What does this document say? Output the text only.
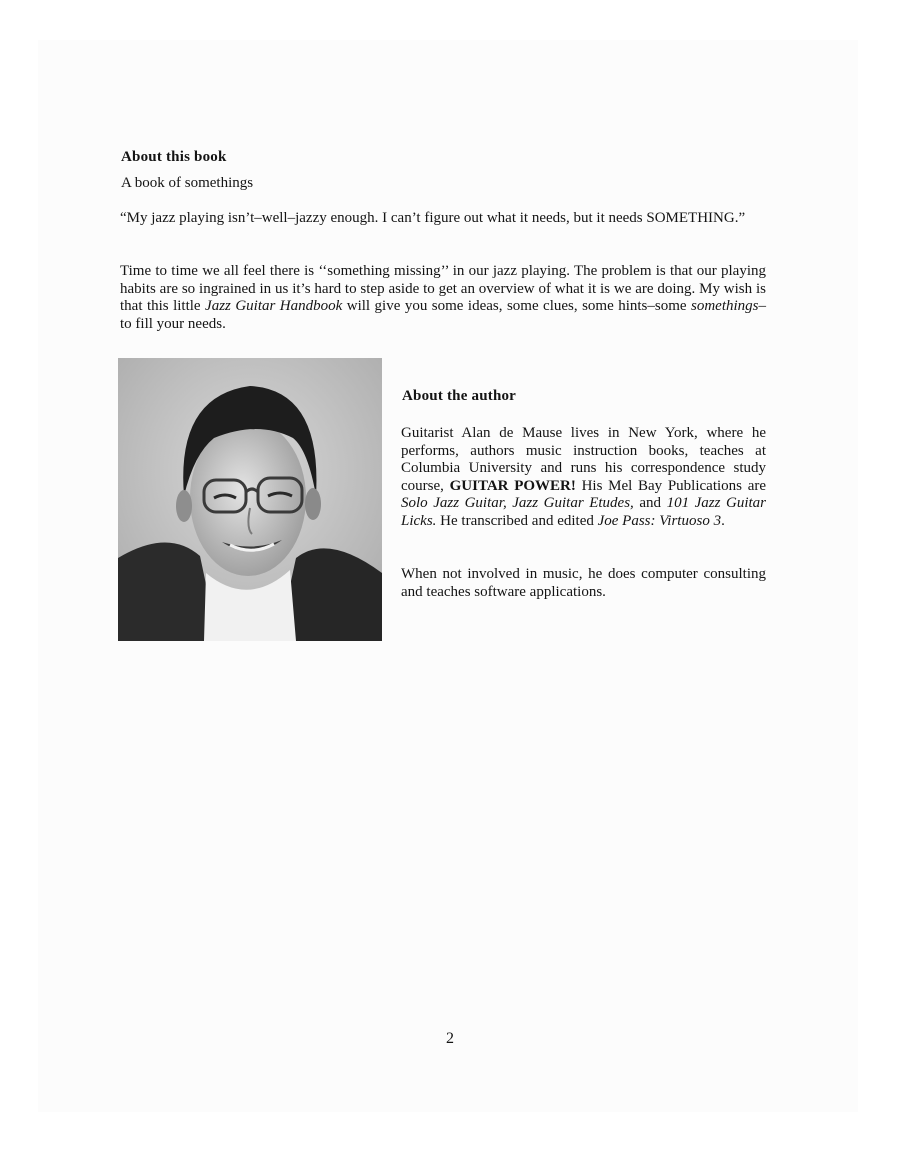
About this book
A book of somethings
“My jazz playing isn’t–well–jazzy enough. I can’t figure out what it needs, but it needs SOMETHING.”
Time to time we all feel there is ‘‘something missing’’ in our jazz playing. The problem is that our playing habits are so ingrained in us it’s hard to step aside to get an overview of what it is we are doing. My wish is that this little Jazz Guitar Handbook will give you some ideas, some clues, some hints–some somethings–to fill your needs.
About the author
Guitarist Alan de Mause lives in New York, where he performs, authors music instruction books, teaches at Columbia University and runs his correspondence study course, GUITAR POWER! His Mel Bay Publications are Solo Jazz Guitar, Jazz Guitar Etudes, and 101 Jazz Guitar Licks. He transcribed and edited Joe Pass: Virtuoso 3.
When not involved in music, he does computer consulting and teaches software applications.
2
